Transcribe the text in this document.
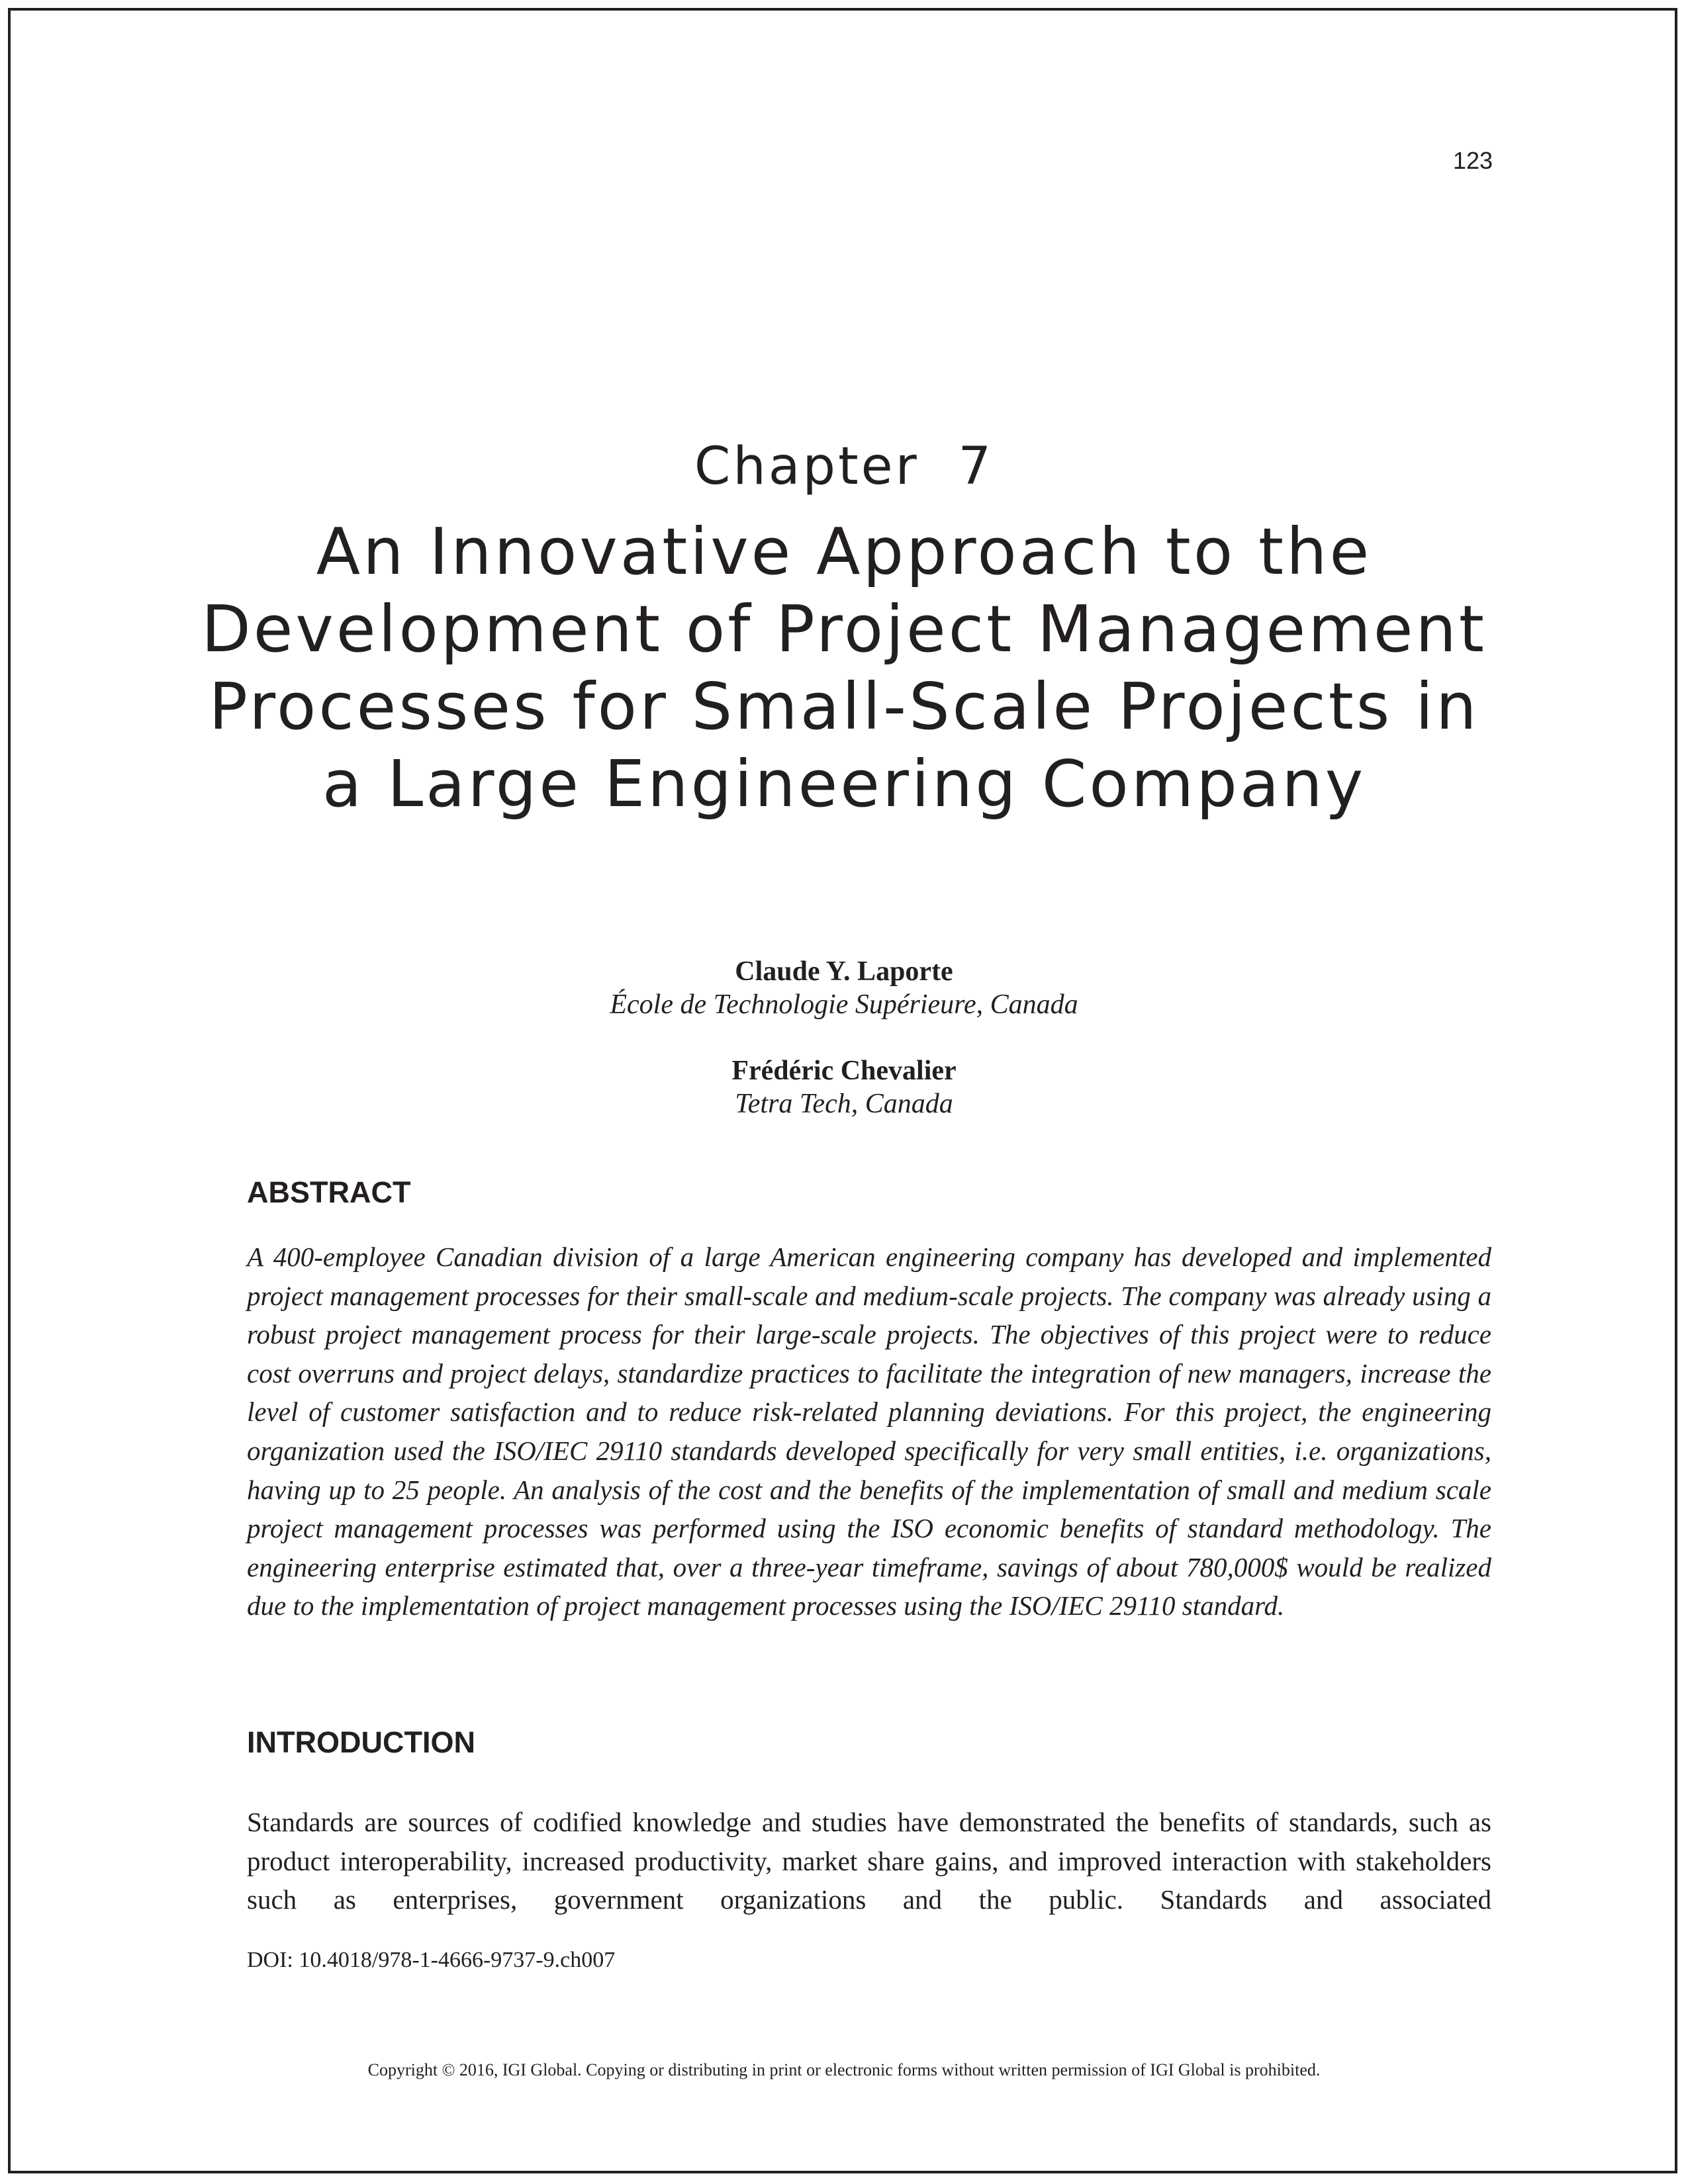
123
Chapter 7
An Innovative Approach to the Development of Project Management Processes for Small-Scale Projects in a Large Engineering Company
Claude Y. Laporte
École de Technologie Supérieure, Canada
Frédéric Chevalier
Tetra Tech, Canada
ABSTRACT

A 400-employee Canadian division of a large American engineering company has developed and implemented project management processes for their small-scale and medium-scale projects. The company was already using a robust project management process for their large-scale projects. The objectives of this project were to reduce cost overruns and project delays, standardize practices to facilitate the integration of new managers, increase the level of customer satisfaction and to reduce risk-related planning deviations. For this project, the engineering organization used the ISO/IEC 29110 standards developed specifically for very small entities, i.e. organizations, having up to 25 people. An analysis of the cost and the benefits of the implementation of small and medium scale project management processes was performed using the ISO economic benefits of standard methodology. The engineering enterprise estimated that, over a three-year timeframe, savings of about 780,000$ would be realized due to the implementation of project management processes using the ISO/IEC 29110 standard.

INTRODUCTION

Standards are sources of codified knowledge and studies have demonstrated the benefits of standards, such as product interoperability, increased productivity, market share gains, and improved interaction with stakeholders such as enterprises, government organizations and the public. Standards and associated

DOI: 10.4018/978-1-4666-9737-9.ch007
Copyright © 2016, IGI Global. Copying or distributing in print or electronic forms without written permission of IGI Global is prohibited.
